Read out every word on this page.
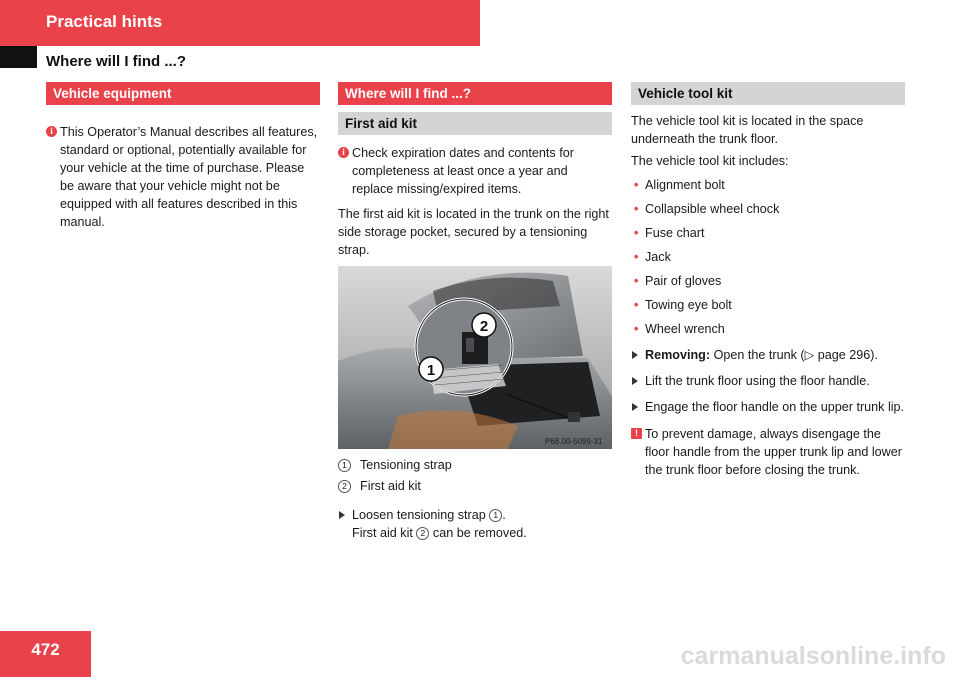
Practical hints
Where will I find ...?
Vehicle equipment

i This Operator’s Manual describes all features, standard or optional, potentially available for your vehicle at the time of purchase. Please be aware that your vehicle might not be equipped with all features described in this manual.

Where will I find ...?
First aid kit

i Check expiration dates and contents for completeness at least once a year and replace missing/expired items.

The first aid kit is located in the trunk on the right side storage pocket, secured by a tensioning strap.

1
2
P68.00-5099-31

1	Tensioning strap

2	First aid kit

Loosen tensioning strap 1 .
First aid kit 2 can be removed.

Vehicle tool kit

The vehicle tool kit is located in the space underneath the trunk floor.

The vehicle tool kit includes:

• Alignment bolt

• Collapsible wheel chock

• Fuse chart

• Jack

• Pair of gloves

• Towing eye bolt

• Wheel wrench

Removing: Open the trunk (▷ page 296).

Lift the trunk floor using the floor handle.

Engage the floor handle on the upper trunk lip.

! To prevent damage, always disengage the floor handle from the upper trunk lip and lower the trunk floor before closing the trunk.

472	carmanualsonline.info
